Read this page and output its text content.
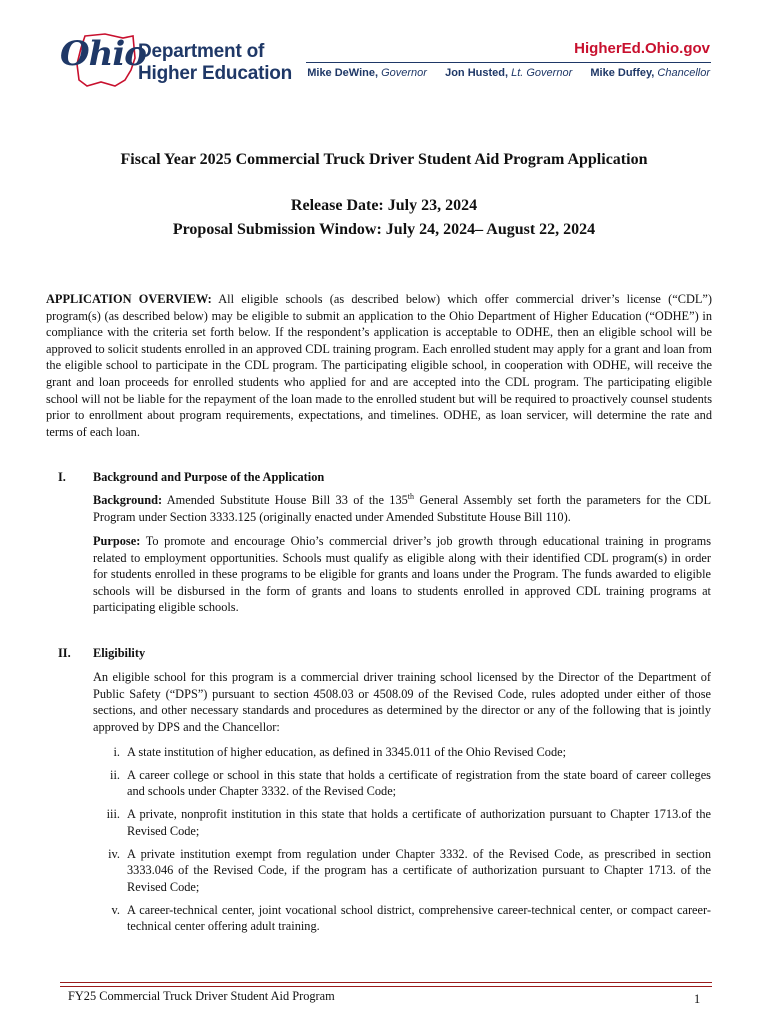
Ohio
Department of
Higher Education
HigherEd.Ohio.gov
Mike DeWine, Governor Jon Husted, Lt. Governor Mike Duffey, Chancellor
Fiscal Year 2025 Commercial Truck Driver Student Aid Program Application
Release Date: July 23, 2024
Proposal Submission Window: July 24, 2024– August 22, 2024
APPLICATION OVERVIEW: All eligible schools (as described below) which offer commercial driver’s license (“CDL”) program(s) (as described below) may be eligible to submit an application to the Ohio Department of Higher Education (“ODHE”) in compliance with the criteria set forth below. If the respondent’s application is acceptable to ODHE, then an eligible school will be approved to solicit students enrolled in an approved CDL training program. Each enrolled student may apply for a grant and loan from the eligible school to participate in the CDL program. The participating eligible school, in cooperation with ODHE, will receive the grant and loan proceeds for enrolled students who applied for and are accepted into the CDL program. The participating eligible school will not be liable for the repayment of the loan made to the enrolled student but will be required to proactively counsel students prior to enrollment about program requirements, expectations, and timelines. ODHE, as loan servicer, will determine the rate and terms of each loan.
I. Background and Purpose of the Application
Background: Amended Substitute House Bill 33 of the 135th General Assembly set forth the parameters for the CDL Program under Section 3333.125 (originally enacted under Amended Substitute House Bill 110).
Purpose: To promote and encourage Ohio’s commercial driver’s job growth through educational training in programs related to employment opportunities. Schools must qualify as eligible along with their identified CDL program(s) in order for students enrolled in these programs to be eligible for grants and loans under the Program. The funds awarded to eligible schools will be disbursed in the form of grants and loans to students enrolled in approved CDL training programs at participating eligible schools.
II. Eligibility
An eligible school for this program is a commercial driver training school licensed by the Director of the Department of Public Safety (“DPS”) pursuant to section 4508.03 or 4508.09 of the Revised Code, rules adopted under either of those sections, and other necessary standards and procedures as determined by the director or any of the following that is jointly approved by DPS and the Chancellor:
i. A state institution of higher education, as defined in 3345.011 of the Ohio Revised Code;
ii. A career college or school in this state that holds a certificate of registration from the state board of career colleges and schools under Chapter 3332. of the Revised Code;
iii. A private, nonprofit institution in this state that holds a certificate of authorization pursuant to Chapter 1713.of the Revised Code;
iv. A private institution exempt from regulation under Chapter 3332. of the Revised Code, as prescribed in section 3333.046 of the Revised Code, if the program has a certificate of authorization pursuant to Chapter 1713. of the Revised Code;
v. A career-technical center, joint vocational school district, comprehensive career-technical center, or compact career-technical center offering adult training.
FY25 Commercial Truck Driver Student Aid Program	1
